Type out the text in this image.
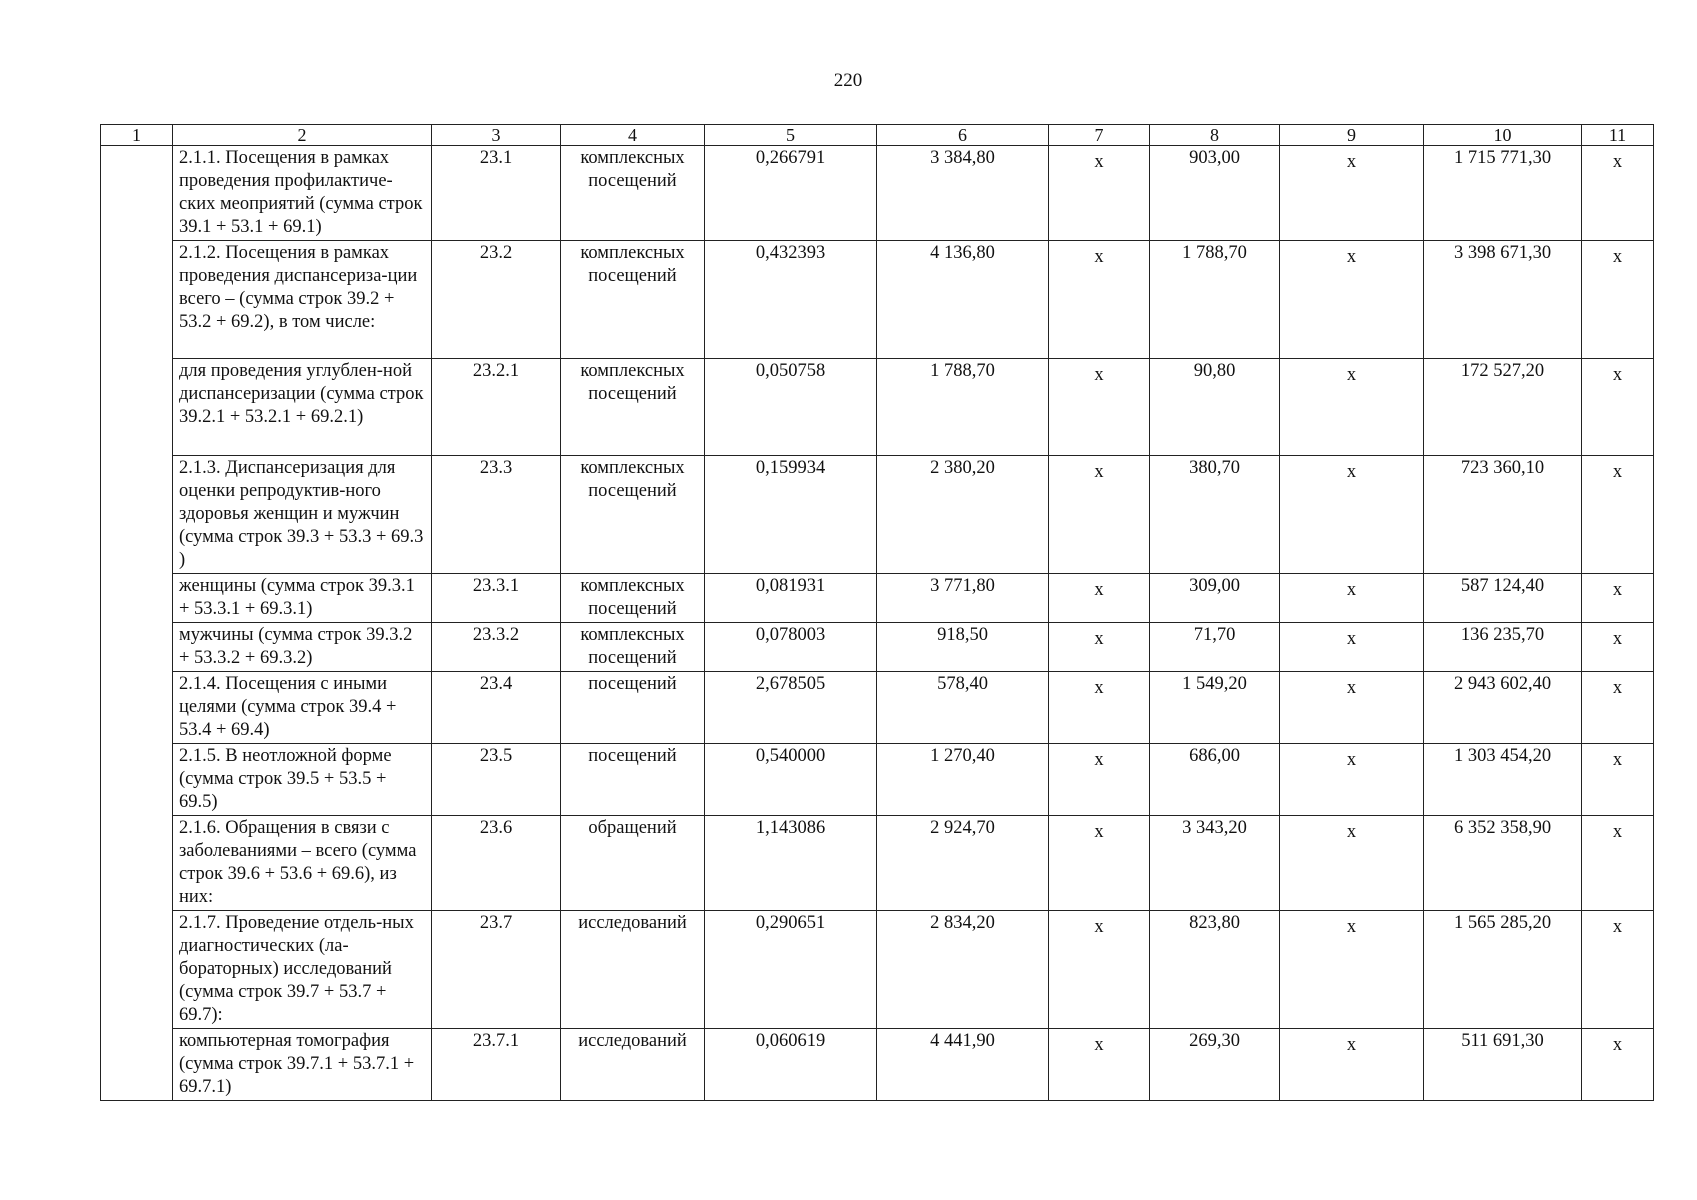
220
1	2	3	4	5	6	7	8	9	10	11
	2.1.1. Посещения в рамках проведения профилактиче-ских меоприятий (сумма строк 39.1 + 53.1 + 69.1)	23.1	комплексных посещений	0,266791	3 384,80	х	903,00	х	1 715 771,30	х
	2.1.2. Посещения в рамках проведения диспансериза-ции всего – (сумма строк 39.2 + 53.2 + 69.2), в том числе:	23.2	комплексных посещений	0,432393	4 136,80	х	1 788,70	х	3 398 671,30	х
	для проведения углублен-ной диспансеризации (сумма строк 39.2.1 + 53.2.1 + 69.2.1)	23.2.1	комплексных посещений	0,050758	1 788,70	х	90,80	х	172 527,20	х
	2.1.3. Диспансеризация для оценки репродуктив-ного здоровья женщин и мужчин (сумма строк 39.3 + 53.3 + 69.3 )	23.3	комплексных посещений	0,159934	2 380,20	х	380,70	х	723 360,10	х
	женщины (сумма строк 39.3.1 + 53.3.1 + 69.3.1)	23.3.1	комплексных посещений	0,081931	3 771,80	х	309,00	х	587 124,40	х
	мужчины (сумма строк 39.3.2 + 53.3.2 + 69.3.2)	23.3.2	комплексных посещений	0,078003	918,50	х	71,70	х	136 235,70	х
	2.1.4. Посещения с иными целями (сумма строк 39.4 + 53.4 + 69.4)	23.4	посещений	2,678505	578,40	х	1 549,20	х	2 943 602,40	х
	2.1.5. В неотложной форме (сумма строк 39.5 + 53.5 + 69.5)	23.5	посещений	0,540000	1 270,40	х	686,00	х	1 303 454,20	х
	2.1.6. Обращения в связи с заболеваниями – всего (сумма строк 39.6 + 53.6 + 69.6), из них:	23.6	обращений	1,143086	2 924,70	х	3 343,20	х	6 352 358,90	х
	2.1.7. Проведение отдель-ных диагностических (ла-бораторных) исследований (сумма строк 39.7 + 53.7 + 69.7):	23.7	исследований	0,290651	2 834,20	х	823,80	х	1 565 285,20	х
	компьютерная томография (сумма строк 39.7.1 + 53.7.1 + 69.7.1)	23.7.1	исследований	0,060619	4 441,90	х	269,30	х	511 691,30	х
